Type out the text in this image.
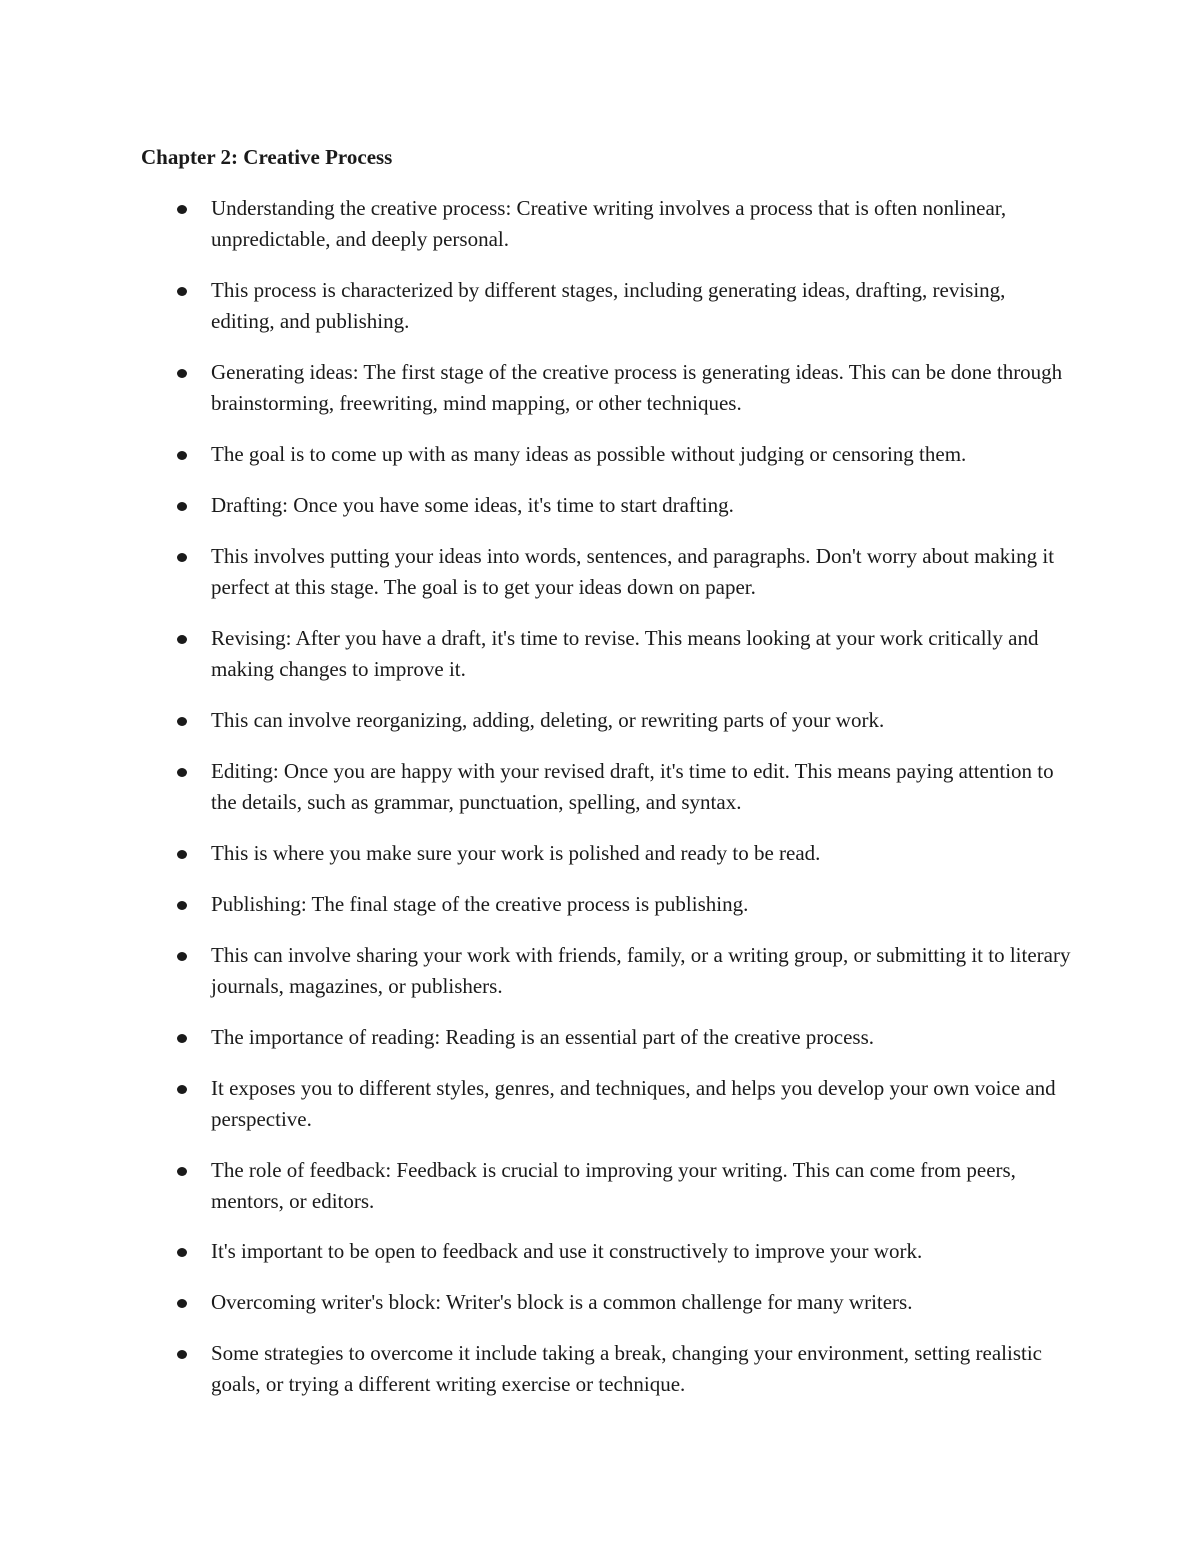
Chapter 2: Creative Process
Understanding the creative process: Creative writing involves a process that is often nonlinear, unpredictable, and deeply personal.
This process is characterized by different stages, including generating ideas, drafting, revising, editing, and publishing.
Generating ideas: The first stage of the creative process is generating ideas. This can be done through brainstorming, freewriting, mind mapping, or other techniques.
The goal is to come up with as many ideas as possible without judging or censoring them.
Drafting: Once you have some ideas, it's time to start drafting.
This involves putting your ideas into words, sentences, and paragraphs. Don't worry about making it perfect at this stage. The goal is to get your ideas down on paper.
Revising: After you have a draft, it's time to revise. This means looking at your work critically and making changes to improve it.
This can involve reorganizing, adding, deleting, or rewriting parts of your work.
Editing: Once you are happy with your revised draft, it's time to edit. This means paying attention to the details, such as grammar, punctuation, spelling, and syntax.
This is where you make sure your work is polished and ready to be read.
Publishing: The final stage of the creative process is publishing.
This can involve sharing your work with friends, family, or a writing group, or submitting it to literary journals, magazines, or publishers.
The importance of reading: Reading is an essential part of the creative process.
It exposes you to different styles, genres, and techniques, and helps you develop your own voice and perspective.
The role of feedback: Feedback is crucial to improving your writing. This can come from peers, mentors, or editors.
It's important to be open to feedback and use it constructively to improve your work.
Overcoming writer's block: Writer's block is a common challenge for many writers.
Some strategies to overcome it include taking a break, changing your environment, setting realistic goals, or trying a different writing exercise or technique.
